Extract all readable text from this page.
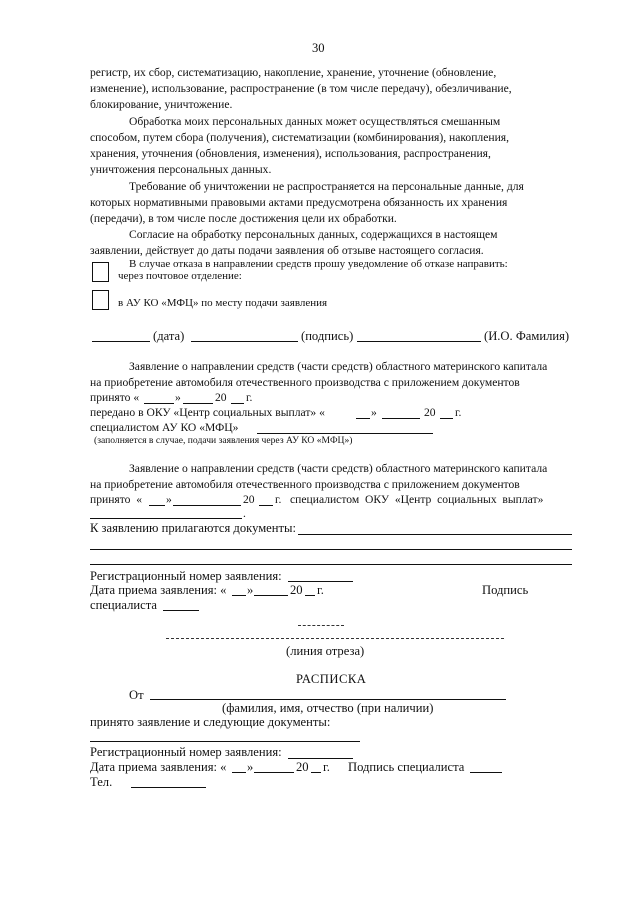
30
регистр, их сбор, систематизацию, накопление, хранение, уточнение (обновление,
изменение), использование, распространение (в том числе передачу), обезличивание,
блокирование, уничтожение.
Обработка моих персональных данных может осуществляться смешанным
способом, путем сбора (получения), систематизации (комбинирования), накопления,
хранения, уточнения (обновления, изменения), использования, распространения,
уничтожения персональных данных.
Требование об уничтожении не распространяется на персональные данные, для
которых нормативными правовыми актами предусмотрена обязанность их хранения
(передачи), в том числе после достижения цели их обработки.
Согласие на обработку персональных данных, содержащихся в настоящем
заявлении, действует до даты подачи заявления об отзыве настоящего согласия.
В случае отказа в направлении средств прошу уведомление об отказе направить:
через почтовое отделение:
в АУ КО «МФЦ» по месту подачи заявления
(дата)	(подпись)	(И.О. Фамилия)
Заявление о направлении средств (части средств) областного материнского капитала
на приобретение автомобиля отечественного производства с приложением документов
принято «	»	20 г.
передано в ОКУ «Центр социальных выплат» «	»	20 г.
специалистом АУ КО «МФЦ»
(заполняется в случае, подачи заявления через АУ КО «МФЦ»)
Заявление о направлении средств (части средств) областного материнского капитала
на приобретение автомобиля отечественного производства с приложением документов
принято  « »	20 г.   специалистом  ОКУ  «Центр  социальных  выплат»
.
К заявлению прилагаются документы:
Регистрационный номер заявления:
Дата приема заявления: « »	20 г.	Подпись
специалиста
(линия отреза)
РАСПИСКА
От
(фамилия, имя, отчество (при наличии)
принято заявление и следующие документы:
Регистрационный номер заявления:
Дата приема заявления: « »	20 г. Подпись специалиста
Тел.
